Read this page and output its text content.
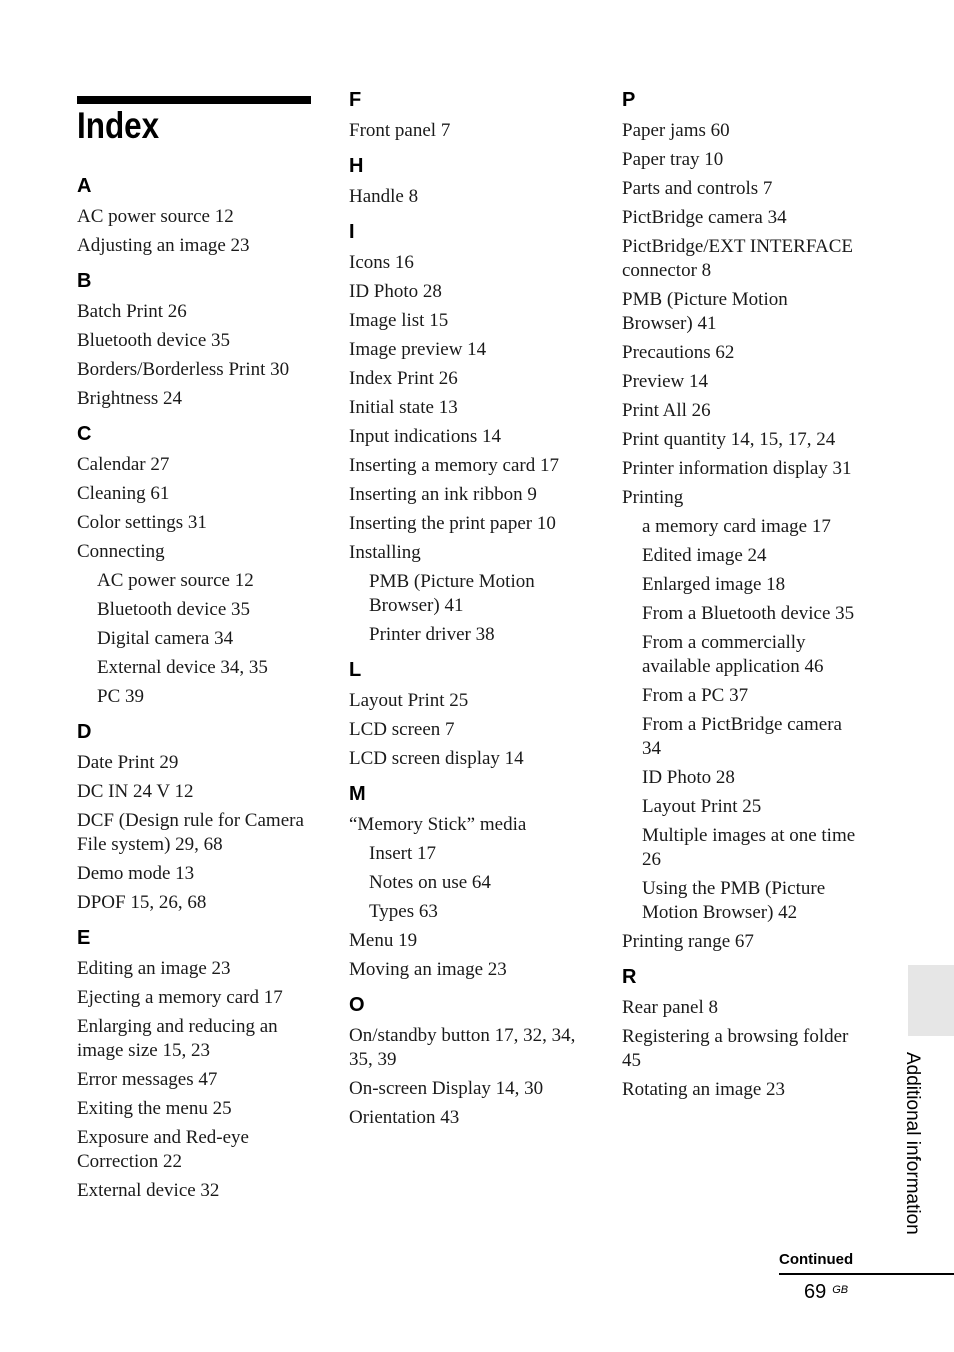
Index
A
AC power source 12
Adjusting an image 23
B
Batch Print 26
Bluetooth device 35
Borders/Borderless Print 30
Brightness 24
C
Calendar 27
Cleaning 61
Color settings 31
Connecting
AC power source 12
Bluetooth device 35
Digital camera 34
External device 34, 35
PC 39
D
Date Print 29
DC IN 24 V 12
DCF (Design rule for Camera File system) 29, 68
Demo mode 13
DPOF 15, 26, 68
E
Editing an image 23
Ejecting a memory card 17
Enlarging and reducing an image size 15, 23
Error messages 47
Exiting the menu 25
Exposure and Red-eye Correction 22
External device 32
F
Front panel 7
H
Handle 8
I
Icons 16
ID Photo 28
Image list 15
Image preview 14
Index Print 26
Initial state 13
Input indications 14
Inserting a memory card 17
Inserting an ink ribbon 9
Inserting the print paper 10
Installing
PMB (Picture Motion Browser) 41
Printer driver 38
L
Layout Print 25
LCD screen 7
LCD screen display 14
M
“Memory Stick” media
Insert 17
Notes on use 64
Types 63
Menu 19
Moving an image 23
O
On/standby button 17, 32, 34, 35, 39
On-screen Display 14, 30
Orientation 43
P
Paper jams 60
Paper tray 10
Parts and controls 7
PictBridge camera 34
PictBridge/EXT INTERFACE connector 8
PMB (Picture Motion Browser) 41
Precautions 62
Preview 14
Print All 26
Print quantity 14, 15, 17, 24
Printer information display 31
Printing
a memory card image 17
Edited image 24
Enlarged image 18
From a Bluetooth device 35
From a commercially available application 46
From a PC 37
From a PictBridge camera 34
ID Photo 28
Layout Print 25
Multiple images at one time 26
Using the PMB (Picture Motion Browser) 42
Printing range 67
R
Rear panel 8
Registering a browsing folder 45
Rotating an image 23	Additional information
Continued
69 $^{GB}$
